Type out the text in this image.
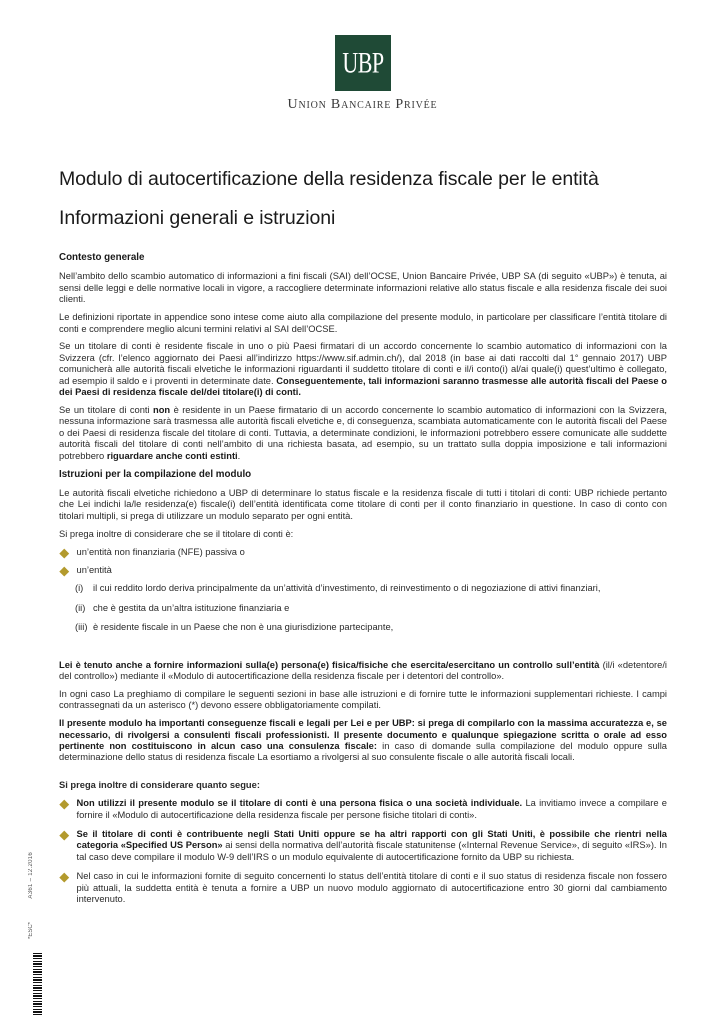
UBP
Union Bancaire Privée
Modulo di autocertificazione della residenza fiscale per le entità
Informazioni generali e istruzioni
Contesto generale

Nell’ambito dello scambio automatico di informazioni a fini fiscali (SAI) dell’OCSE, Union Bancaire Privée, UBP SA (di seguito «UBP») è tenuta, ai sensi delle leggi e delle normative locali in vigore, a raccogliere determinate informazioni relative allo status fiscale e alla residenza fiscale dei suoi clienti.

Le definizioni riportate in appendice sono intese come aiuto alla compilazione del presente modulo, in particolare per classificare l’entità titolare di conti e comprendere meglio alcuni termini relativi al SAI dell’OCSE.

Se un titolare di conti è residente fiscale in uno o più Paesi firmatari di un accordo concernente lo scambio automatico di informazioni con la Svizzera (cfr. l’elenco aggiornato dei Paesi all’indirizzo https://www.sif.admin.ch/), dal 2018 (in base ai dati raccolti dal 1° gennaio 2017) UBP comunicherà alle autorità fiscali elvetiche le informazioni riguardanti il suddetto titolare di conti e il/i conto(i) al/ai quale(i) quest’ultimo è collegato, ad esempio il saldo e i proventi in determinate date. Conseguentemente, tali informazioni saranno trasmesse alle autorità fiscali del Paese o dei Paesi di residenza fiscale del/dei titolare(i) di conti.

Se un titolare di conti non è residente in un Paese firmatario di un accordo concernente lo scambio automatico di informazioni con la Svizzera, nessuna informazione sarà trasmessa alle autorità fiscali elvetiche e, di conseguenza, scambiata automaticamente con le autorità fiscali del Paese o dei Paesi di residenza fiscale del titolare di conti. Tuttavia, a determinate condizioni, le informazioni potrebbero essere comunicate alle suddette autorità fiscali del titolare di conti nell’ambito di una richiesta basata, ad esempio, su un trattato sulla doppia imposizione e tali informazioni potrebbero riguardare anche conti estinti.

Istruzioni per la compilazione del modulo

Le autorità fiscali elvetiche richiedono a UBP di determinare lo status fiscale e la residenza fiscale di tutti i titolari di conti: UBP richiede pertanto che Lei indichi la/le residenza(e) fiscale(i) dell’entità identificata come titolare di conti per il conto finanziario in questione. In caso di conto con titolari multipli, si prega di utilizzare un modulo separato per ogni entità.

Si prega inoltre di considerare che se il titolare di conti è:

un’entità non finanziaria (NFE) passiva o
un’entità
(i)	il cui reddito lordo deriva principalmente da un’attività d’investimento, di reinvestimento o di negoziazione di attivi finanziari,
(ii) che è gestita da un’altra istituzione finanziaria e
(iii) è residente fiscale in un Paese che non è una giurisdizione partecipante,

Lei è tenuto anche a fornire informazioni sulla(e) persona(e) fisica/fisiche che esercita/esercitano un controllo sull’entità (il/i «detentore/i del controllo») mediante il «Modulo di autocertificazione della residenza fiscale per i detentori del controllo».

In ogni caso La preghiamo di compilare le seguenti sezioni in base alle istruzioni e di fornire tutte le informazioni supplementari richieste. I campi contrassegnati da un asterisco (*) devono essere obbligatoriamente compilati.

Il presente modulo ha importanti conseguenze fiscali e legali per Lei e per UBP: si prega di compilarlo con la massima accuratezza e, se necessario, di rivolgersi a consulenti fiscali professionisti. Il presente documento e qualunque spiegazione scritta o orale ad esso pertinente non costituiscono in alcun caso una consulenza fiscale: in caso di domande sulla compilazione del modulo oppure sulla determinazione dello status di residenza fiscale La esortiamo a rivolgersi al suo consulente fiscale o alle autorità fiscali locali.

Si prega inoltre di considerare quanto segue:

Non utilizzi il presente modulo se il titolare di conti è una persona fisica o una società individuale. La invitiamo invece a compilare e fornire il «Modulo di autocertificazione della residenza fiscale per persone fisiche titolari di conti».
Se il titolare di conti è contribuente negli Stati Uniti oppure se ha altri rapporti con gli Stati Uniti, è possibile che rientri nella categoria «Specified US Person» ai sensi della normativa dell’autorità fiscale statunitense («Internal Revenue Service», di seguito «IRS»). In tal caso deve compilare il modulo W-9 dell’IRS o un modulo equivalente di autocertificazione fornito da UBP su richiesta.
Nel caso in cui le informazioni fornite di seguito concernenti lo status dell’entità titolare di conti e il suo status di residenza fiscale non fossero più attuali, la suddetta entità è tenuta a fornire a UBP un nuovo modulo aggiornato di autocertificazione entro 30 giorni dal cambiamento intervenuto.
A361 – 12.2016
*ESC*
